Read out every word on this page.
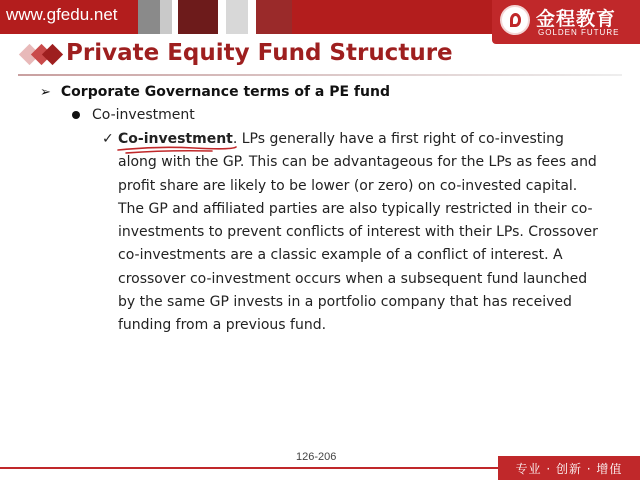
www.gfedu.net	金程教育
GOLDEN FUTURE
Private Equity Fund Structure
➢ Corporate Governance terms of a PE fund
Co-investment
✓ Co-investment. LPs generally have a first right of co-investing
along with the GP. This can be advantageous for the LPs as fees and
profit share are likely to be lower (or zero) on co-invested capital.
The GP and affiliated parties are also typically restricted in their co-
investments to prevent conflicts of interest with their LPs. Crossover
co-investments are a classic example of a conflict of interest. A
crossover co-investment occurs when a subsequent fund launched
by the same GP invests in a portfolio company that has received
funding from a previous fund.
126-206
专业 · 创新 · 增值
